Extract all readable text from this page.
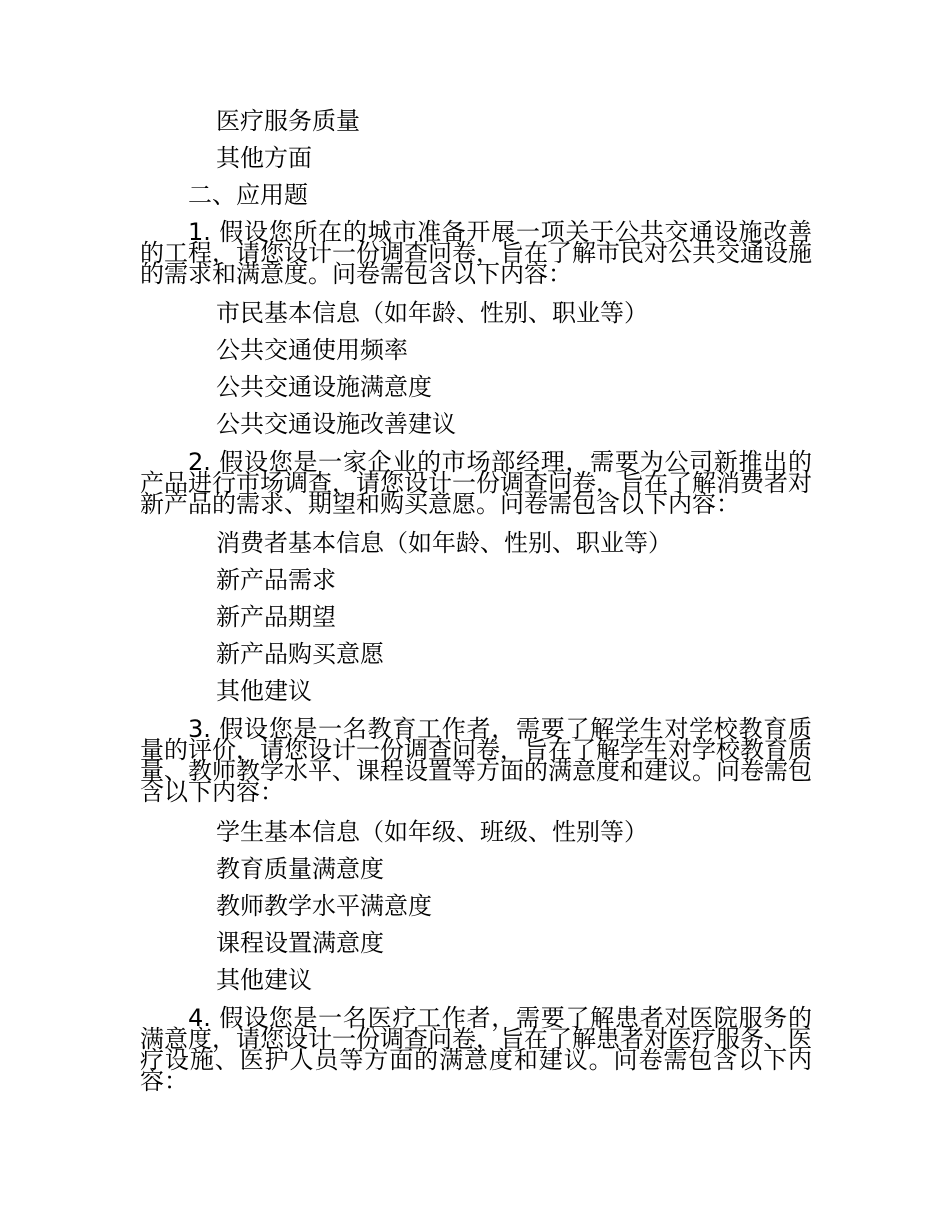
医疗服务质量
其他方面
二、应用题
1. 假设您所在的城市准备开展一项关于公共交通设施改善的工程，请您设计一份调查问卷，旨在了解市民对公共交通设施的需求和满意度。问卷需包含以下内容：
市民基本信息（如年龄、性别、职业等）
公共交通使用频率
公共交通设施满意度
公共交通设施改善建议
2. 假设您是一家企业的市场部经理，需要为公司新推出的产品进行市场调查，请您设计一份调查问卷，旨在了解消费者对新产品的需求、期望和购买意愿。问卷需包含以下内容：
消费者基本信息（如年龄、性别、职业等）
新产品需求
新产品期望
新产品购买意愿
其他建议
3. 假设您是一名教育工作者，需要了解学生对学校教育质量的评价，请您设计一份调查问卷，旨在了解学生对学校教育质量、教师教学水平、课程设置等方面的满意度和建议。问卷需包含以下内容：
学生基本信息（如年级、班级、性别等）
教育质量满意度
教师教学水平满意度
课程设置满意度
其他建议
4. 假设您是一名医疗工作者，需要了解患者对医院服务的满意度，请您设计一份调查问卷，旨在了解患者对医疗服务、医疗设施、医护人员等方面的满意度和建议。问卷需包含以下内容：
